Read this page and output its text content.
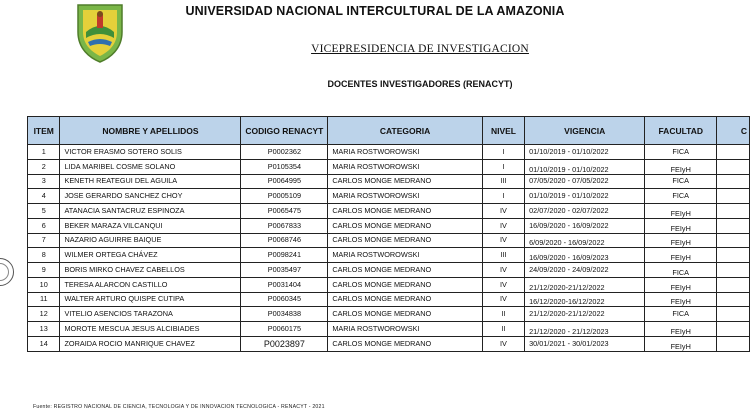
UNIVERSIDAD NACIONAL INTERCULTURAL DE LA AMAZONIA
VICEPRESIDENCIA DE INVESTIGACION
DOCENTES INVESTIGADORES (RENACYT)
ITEM	NOMBRE Y APELLIDOS	CODIGO RENACYT	CATEGORIA	NIVEL	VIGENCIA	FACULTAD	C
1	VICTOR ERASMO SOTERO SOLIS	P0002362	MARIA ROSTWOROWSKI	I	01/10/2019 - 01/10/2022	FICA	
2	LIDA MARIBEL COSME SOLANO	P0105354	MARIA ROSTWOROWSKI	I	01/10/2019 - 01/10/2022	FEIyH	
3	KENETH REATEGUI DEL AGUILA	P0064995	CARLOS MONGE MEDRANO	III	07/05/2020 - 07/05/2022	FICA	
4	JOSE GERARDO SANCHEZ CHOY	P0005109	MARIA ROSTWOROWSKI	I	01/10/2019 - 01/10/2022	FICA	
5	ATANACIA SANTACRUZ ESPINOZA	P0065475	CARLOS MONGE MEDRANO	IV	02/07/2020 - 02/07/2022	FEIyH	
6	BEKER MARAZA VILCANQUI	P0067833	CARLOS MONGE MEDRANO	IV	16/09/2020 - 16/09/2022	FEIyH	
7	NAZARIO AGUIRRE BAIQUE	P0068746	CARLOS MONGE MEDRANO	IV	6/09/2020 - 16/09/2022	FEIyH	
8	WILMER ORTEGA CHÁVEZ	P0098241	MARIA ROSTWOROWSKI	III	16/09/2020 - 16/09/2023	FEIyH	
9	BORIS MIRKO CHAVEZ CABELLOS	P0035497	CARLOS MONGE MEDRANO	IV	24/09/2020 - 24/09/2022	FICA	
10	TERESA ALARCON CASTILLO	P0031404	CARLOS MONGE MEDRANO	IV	21/12/2020-21/12/2022	FEIyH	
11	WALTER ARTURO QUISPE CUTIPA	P0060345	CARLOS MONGE MEDRANO	IV	16/12/2020-16/12/2022	FEIyH	
12	VITELIO ASENCIOS TARAZONA	P0034838	CARLOS MONGE MEDRANO	II	21/12/2020-21/12/2022	FICA	
13	MOROTE MESCUA JESUS ALCIBIADES	P0060175	MARIA ROSTWOROWSKI	II	21/12/2020 - 21/12/2023	FEIyH	
14	ZORAIDA ROCIO MANRIQUE CHAVEZ	P0023897	CARLOS MONGE MEDRANO	IV	30/01/2021 - 30/01/2023	FEIyH	
Fuente: REGISTRO NACIONAL DE CIENCIA, TECNOLOGIA Y DE INNOVACION TECNOLOGICA - RENACYT - 2021
